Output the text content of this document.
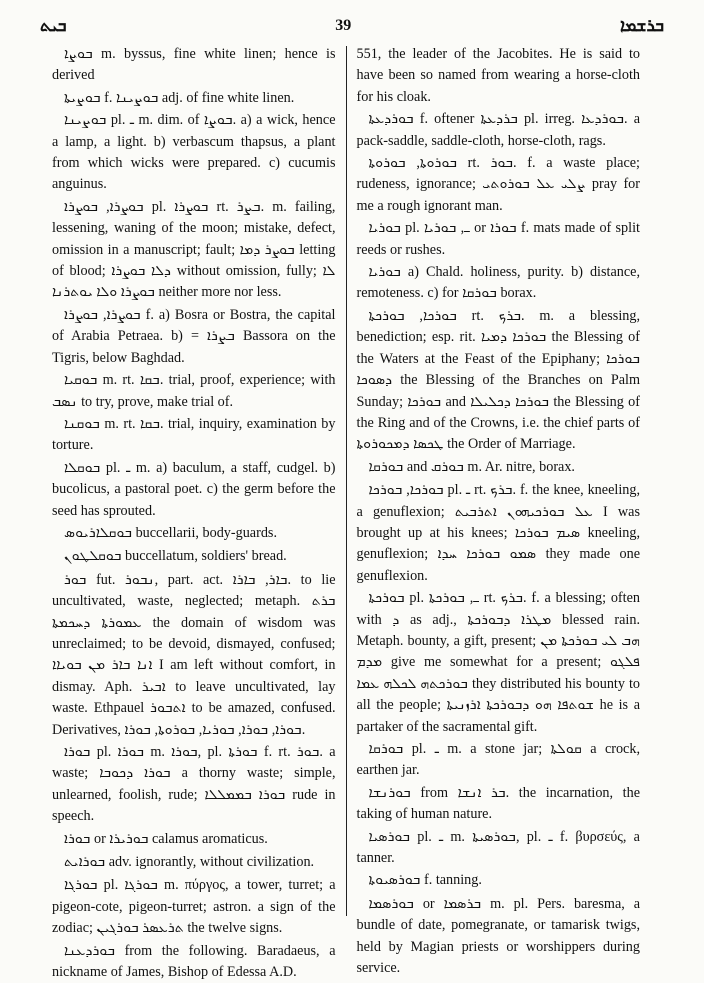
ܒܝܬ	39	ܒܪܫܡܐ

ܒܘܨܐ m. byssus, fine white linen; hence is derived

ܒܘܨܝܬܐ f. ܒܘܨܝܢܐ adj. of fine white linen.

ܒܘܨܝܢܐ pl. ـ m. dim. of ܒܘܨܐ. a) a wick, hence a lamp, a light. b) verbascum thapsus, a plant from which wicks were prepared. c) cucumis anguinus.

ܒܘܨܪܐ, ܒܘܨܪܐ pl. ܒܘܨܪܐ rt. ܒܨܪ. m. failing, lessening, waning of the moon; mistake, defect, omission in a manuscript; fault; ܒܘܨܪ ܕܡܐ letting of blood; ܕܠܐ ܒܘܨܪܐ without omission, fully; ܠܐ ܒܘܨܪܐ ܘܠܐ ܝܘܬܪܢܐ neither more nor less.

ܒܘܨܪܐ, ܒܘܨܪܐ f. a) Bosra or Bostra, the capital of Arabia Petraea. b) = ܒܨܪܐ Bassora on the Tigris, below Baghdad.

ܒܘܩܝܐ m. rt. ܒܩܐ. trial, proof, experience; with ܢܣܒ to try, prove, make trial of.

ܒܘܩܢܐ m. rt. ܒܩܐ. trial, inquiry, examination by torture.

ܒܘܩܠܐ pl. ـ m. a) baculum, a staff, cudgel. b) bucolicus, a pastoral poet. c) the germ before the seed has sprouted.

ܒܘܩܠܐܪܝܘܣ buccellarii, body-guards.

ܒܘܩܠܛܘܢ buccellatum, soldiers' bread.

ܒܘܪ fut. ܢܒܘܪ, part. act. ܒܐܪ, ܒܐܪܐ. to lie uncultivated, waste, neglected; metaph. ܒܪܬ ܥܡܘܪܬܐ ܕܚܟܡܬܐ the domain of wisdom was unreclaimed; to be devoid, dismayed, confused; ܐܢܐ ܒܐܪ ܡܢ ܒܘܝܐܐ I am left without comfort, in dismay. Aph. ܐܒܝܪ to leave uncultivated, lay waste. Ethpauel ܐܬܒܘܪ to be amazed, confused. Derivatives, ܒܘܪܐ, ܒܘܪܐ, ܒܘܪܝܐ, ܒܘܪܘܬܐ, ܒܘܪܐ.

ܒܘܪܐ pl. ܒܘܪܐ m. ܒܘܪܐ, pl. ܒܘܪܬܐ f. rt. ܒܘܪ. a waste; ܒܘܪܐ ܕܟܘܒܐ a thorny waste; simple, unlearned, foolish, rude; ܒܘܪܐ ܒܡܡܠܠܐ rude in speech.

ܒܘܪܐ or ܒܘܪܝܪܐ calamus aromaticus.

ܒܘܪܐܝܬ adv. ignorantly, without civilization.

ܒܘܪܓܐ pl. ܒܘܪܓܐ m. πύργος, a tower, turret; a pigeon-cote, pigeon-turret; astron. a sign of the zodiac; ܬܪܥܣܪ ܒܘܪܓܝܢ the twelve signs.

ܒܘܪܕܥܢܐ from the following. Baradaeus, a nickname of James, Bishop of Edessa A.D.

551, the leader of the Jacobites. He is said to have been so named from wearing a horse-cloth for his cloak.

ܒܘܪܕܥܬܐ f. oftener ܒܪܕܥܬܐ pl. irreg. ܒܘܪܕܥܐ. a pack-saddle, saddle-cloth, horse-cloth, rags.

ܒܘܪܘܬܐ, ܒܘܪܘܬܐ rt. ܒܘܪ. f. a waste place; rudeness, ignorance; ܨܠܝ ܥܠ ܒܘܪܘܬܝ pray for me a rough ignorant man.

ܒܘܪܝܐ pl. ـ, ܒܘܪܝܐ or ܒܘܪܐ f. mats made of split reeds or rushes.

ܒܘܪܝܐ a) Chald. holiness, purity. b) distance, remoteness. c) for ܒܘܪܩܐ borax.

ܒܘܪܟܐ, ܒܘܪܟܬܐ rt. ܒܪܟ. m. a blessing, benediction; esp. rit. ܒܘܪܟܐ ܕܡܝܐ the Blessing of the Waters at the Feast of the Epiphany; ܒܘܪܟܐ ܕܣܘܟܐ the Blessing of the Branches on Palm Sunday; ܒܘܪܟܐ and ܒܘܪܟܐ ܕܟܠܝܠܐ the Blessing of the Ring and of the Crowns, i.e. the chief parts of ܛܟܣܐ ܕܡܟܘܪܘܬܐ the Order of Marriage.

ܒܘܪܩܐ and ܒܘܪܩ m. Ar. nitre, borax.

ܒܘܪܟܐ, ܒܘܪܟܐ pl. ـ rt. ܒܪܟ. f. the knee, kneeling, a genuflexion; ܥܠ ܒܘܪܟܝܗܘܢ ܐܬܪܒܝܬ I was brought up at his knees; ܣܝܡ ܒܘܪܟܐ kneeling, genuflexion; ܣܡܘ ܒܘܪܟܐ ܚܕܐ they made one genuflexion.

ܒܘܪܟܬܐ pl. ـ, ܒܘܪܟܬܐ rt. ܒܪܟ. f. a blessing; often with ܕ as adj., ܡܛܪܐ ܕܒܘܪܟܬܐ blessed rain. Metaph. bounty, a gift, present; ܗܒ ܠܝ ܒܘܪܟܬܐ ܡܢ ܡܕܡ give me somewhat for a present; ܦܠܓܘ ܒܘܪܟܬܗ ܠܟܠܗ ܥܡܐ they distributed his bounty to all the people; ܫܘܬܦܐ ܗܘ ܕܒܘܪܟܬܐ ܐܪܙܢܝܬܐ he is a partaker of the sacramental gift.

ܒܘܪܩܐ pl. ـ m. a stone jar; ܩܘܠܬܐ a crock, earthen jar.

ܒܘܪܢܫܐ from ܒܪ ܐܢܫܐ. the incarnation, the taking of human nature.

ܒܘܪܣܝܐ pl. ـ m. ܒܘܪܣܝܬܐ, pl. ـ f. βυρσεύς, a tanner.

ܒܘܪܣܝܘܬܐ f. tanning.

ܒܘܪܣܡܐ or ܒܪܣܡܐ m. pl. Pers. baresma, a bundle of date, pomegranate, or tamarisk twigs, held by Magian priests or worshippers during service.
